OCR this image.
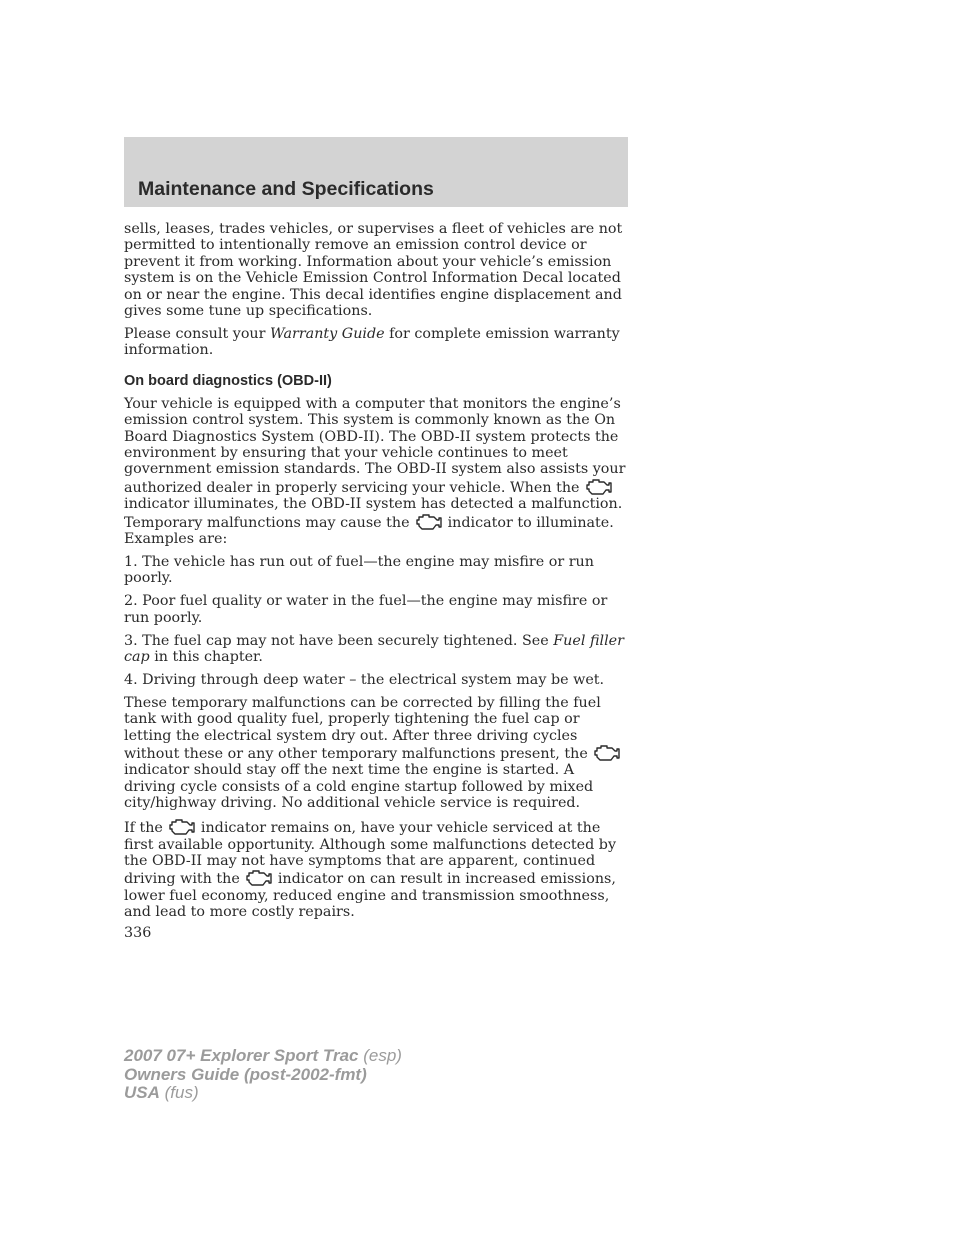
Maintenance and Specifications

sells, leases, trades vehicles, or supervises a fleet of vehicles are not permitted to intentionally remove an emission control device or prevent it from working. Information about your vehicle’s emission system is on the Vehicle Emission Control Information Decal located on or near the engine. This decal identifies engine displacement and gives some tune up specifications.

Please consult your Warranty Guide for complete emission warranty information.

On board diagnostics (OBD-II)

Your vehicle is equipped with a computer that monitors the engine’s emission control system. This system is commonly known as the On Board Diagnostics System (OBD-II). The OBD-II system protects the environment by ensuring that your vehicle continues to meet government emission standards. The OBD-II system also assists your authorized dealer in properly servicing your vehicle. When theindicator illuminates, the OBD-II system has detected a malfunction. Temporary malfunctions may cause the	indicator to illuminate. Examples are:

1. The vehicle has run out of fuel—the engine may misfire or run poorly.

2. Poor fuel quality or water in the fuel—the engine may misfire or run poorly.

3. The fuel cap may not have been securely tightened. See Fuel filler cap in this chapter.

4. Driving through deep water – the electrical system may be wet.

These temporary malfunctions can be corrected by filling the fuel tank with good quality fuel, properly tightening the fuel cap or letting the electrical system dry out. After three driving cycles without these or any other temporary malfunctions present, theindicator should stay off the next time the engine is started. A driving cycle consists of a cold engine startup followed by mixed city/highway driving. No additional vehicle service is required.

If the	indicator remains on, have your vehicle serviced at the first available opportunity. Although some malfunctions detected by the OBD-II may not have symptoms that are apparent, continued driving with the	indicator on can result in increased emissions, lower fuel economy, reduced engine and transmission smoothness, and lead to more costly repairs.

336
2007 07+ Explorer Sport Trac (esp)
Owners Guide (post-2002-fmt)
USA (fus)
